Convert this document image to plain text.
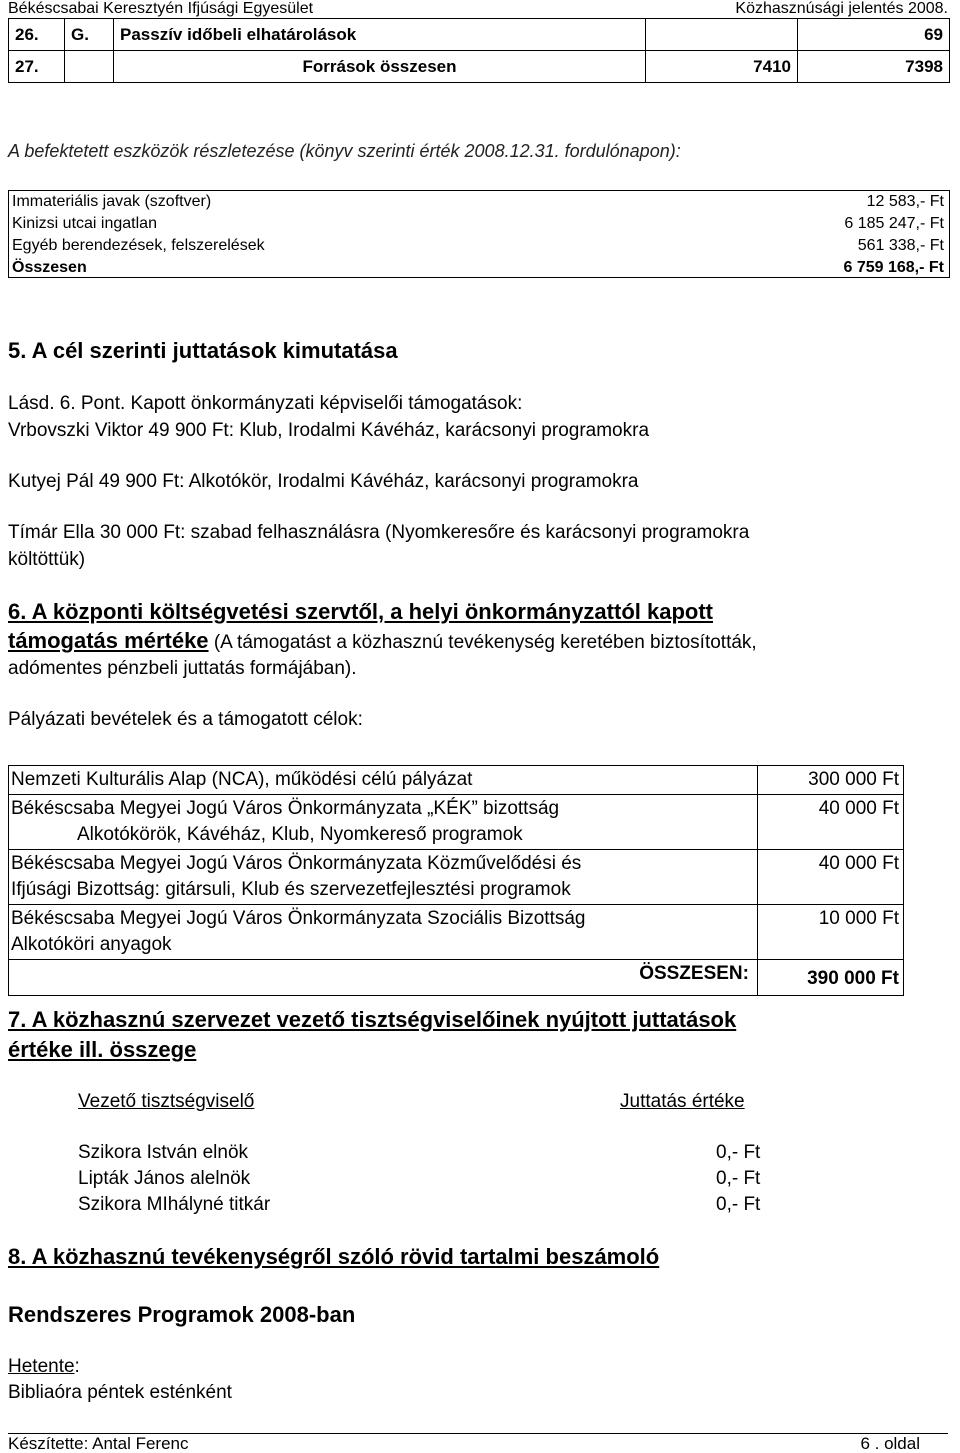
Békéscsabai Keresztyén Ifjúsági Egyesület	Közhasznúsági jelentés 2008.
26.	G.	Passzív időbeli elhatárolások		69
27.		Források összesen	7410	7398
A befektetett eszközök részletezése (könyv szerinti érték 2008.12.31. fordulónapon):
Immateriális javak (szoftver)	12 583,- Ft
Kinizsi utcai ingatlan	6 185 247,- Ft
Egyéb berendezések, felszerelések	561 338,- Ft
Összesen	6 759 168,- Ft
5. A cél szerinti juttatások kimutatása
Lásd. 6. Pont. Kapott önkormányzati képviselői támogatások:
Vrbovszki Viktor 49 900 Ft: Klub, Irodalmi Kávéház, karácsonyi programokra
Kutyej Pál 49 900 Ft: Alkotókör, Irodalmi Kávéház, karácsonyi programokra
Tímár Ella 30 000 Ft: szabad felhasználásra (Nyomkeresőre és karácsonyi programokra
költöttük)
6. A központi költségvetési szervtől, a helyi önkormányzattól kapott
támogatás mértéke (A támogatást a közhasznú tevékenység keretében biztosították,
adómentes pénzbeli juttatás formájában).
Pályázati bevételek és a támogatott célok:
Nemzeti Kulturális Alap (NCA), működési célú pályázat	300 000 Ft

Békéscsaba Megyei Jogú Város Önkormányzata „KÉK” bizottság
Alkotókörök, Kávéház, Klub, Nyomkereső programok	40 000 Ft

Békéscsaba Megyei Jogú Város Önkormányzata Közművelődési és
Ifjúsági Bizottság: gitársuli, Klub és szervezetfejlesztési programok	40 000 Ft

Békéscsaba Megyei Jogú Város Önkormányzata Szociális Bizottság
Alkotóköri anyagok	10 000 Ft
ÖSSZESEN:	390 000 Ft
7. A közhasznú szervezet vezető tisztségviselőinek nyújtott juttatások
értéke ill. összege
Vezető tisztségviselő	Juttatás értéke
Szikora István elnök	0,- Ft
Lipták János alelnök	0,- Ft
Szikora MIhályné titkár	0,- Ft
8. A közhasznú tevékenységről szóló rövid tartalmi beszámoló
Rendszeres Programok 2008-ban
Hetente:
Bibliaóra péntek esténként
Készítette: Antal Ferenc	6 . oldal
